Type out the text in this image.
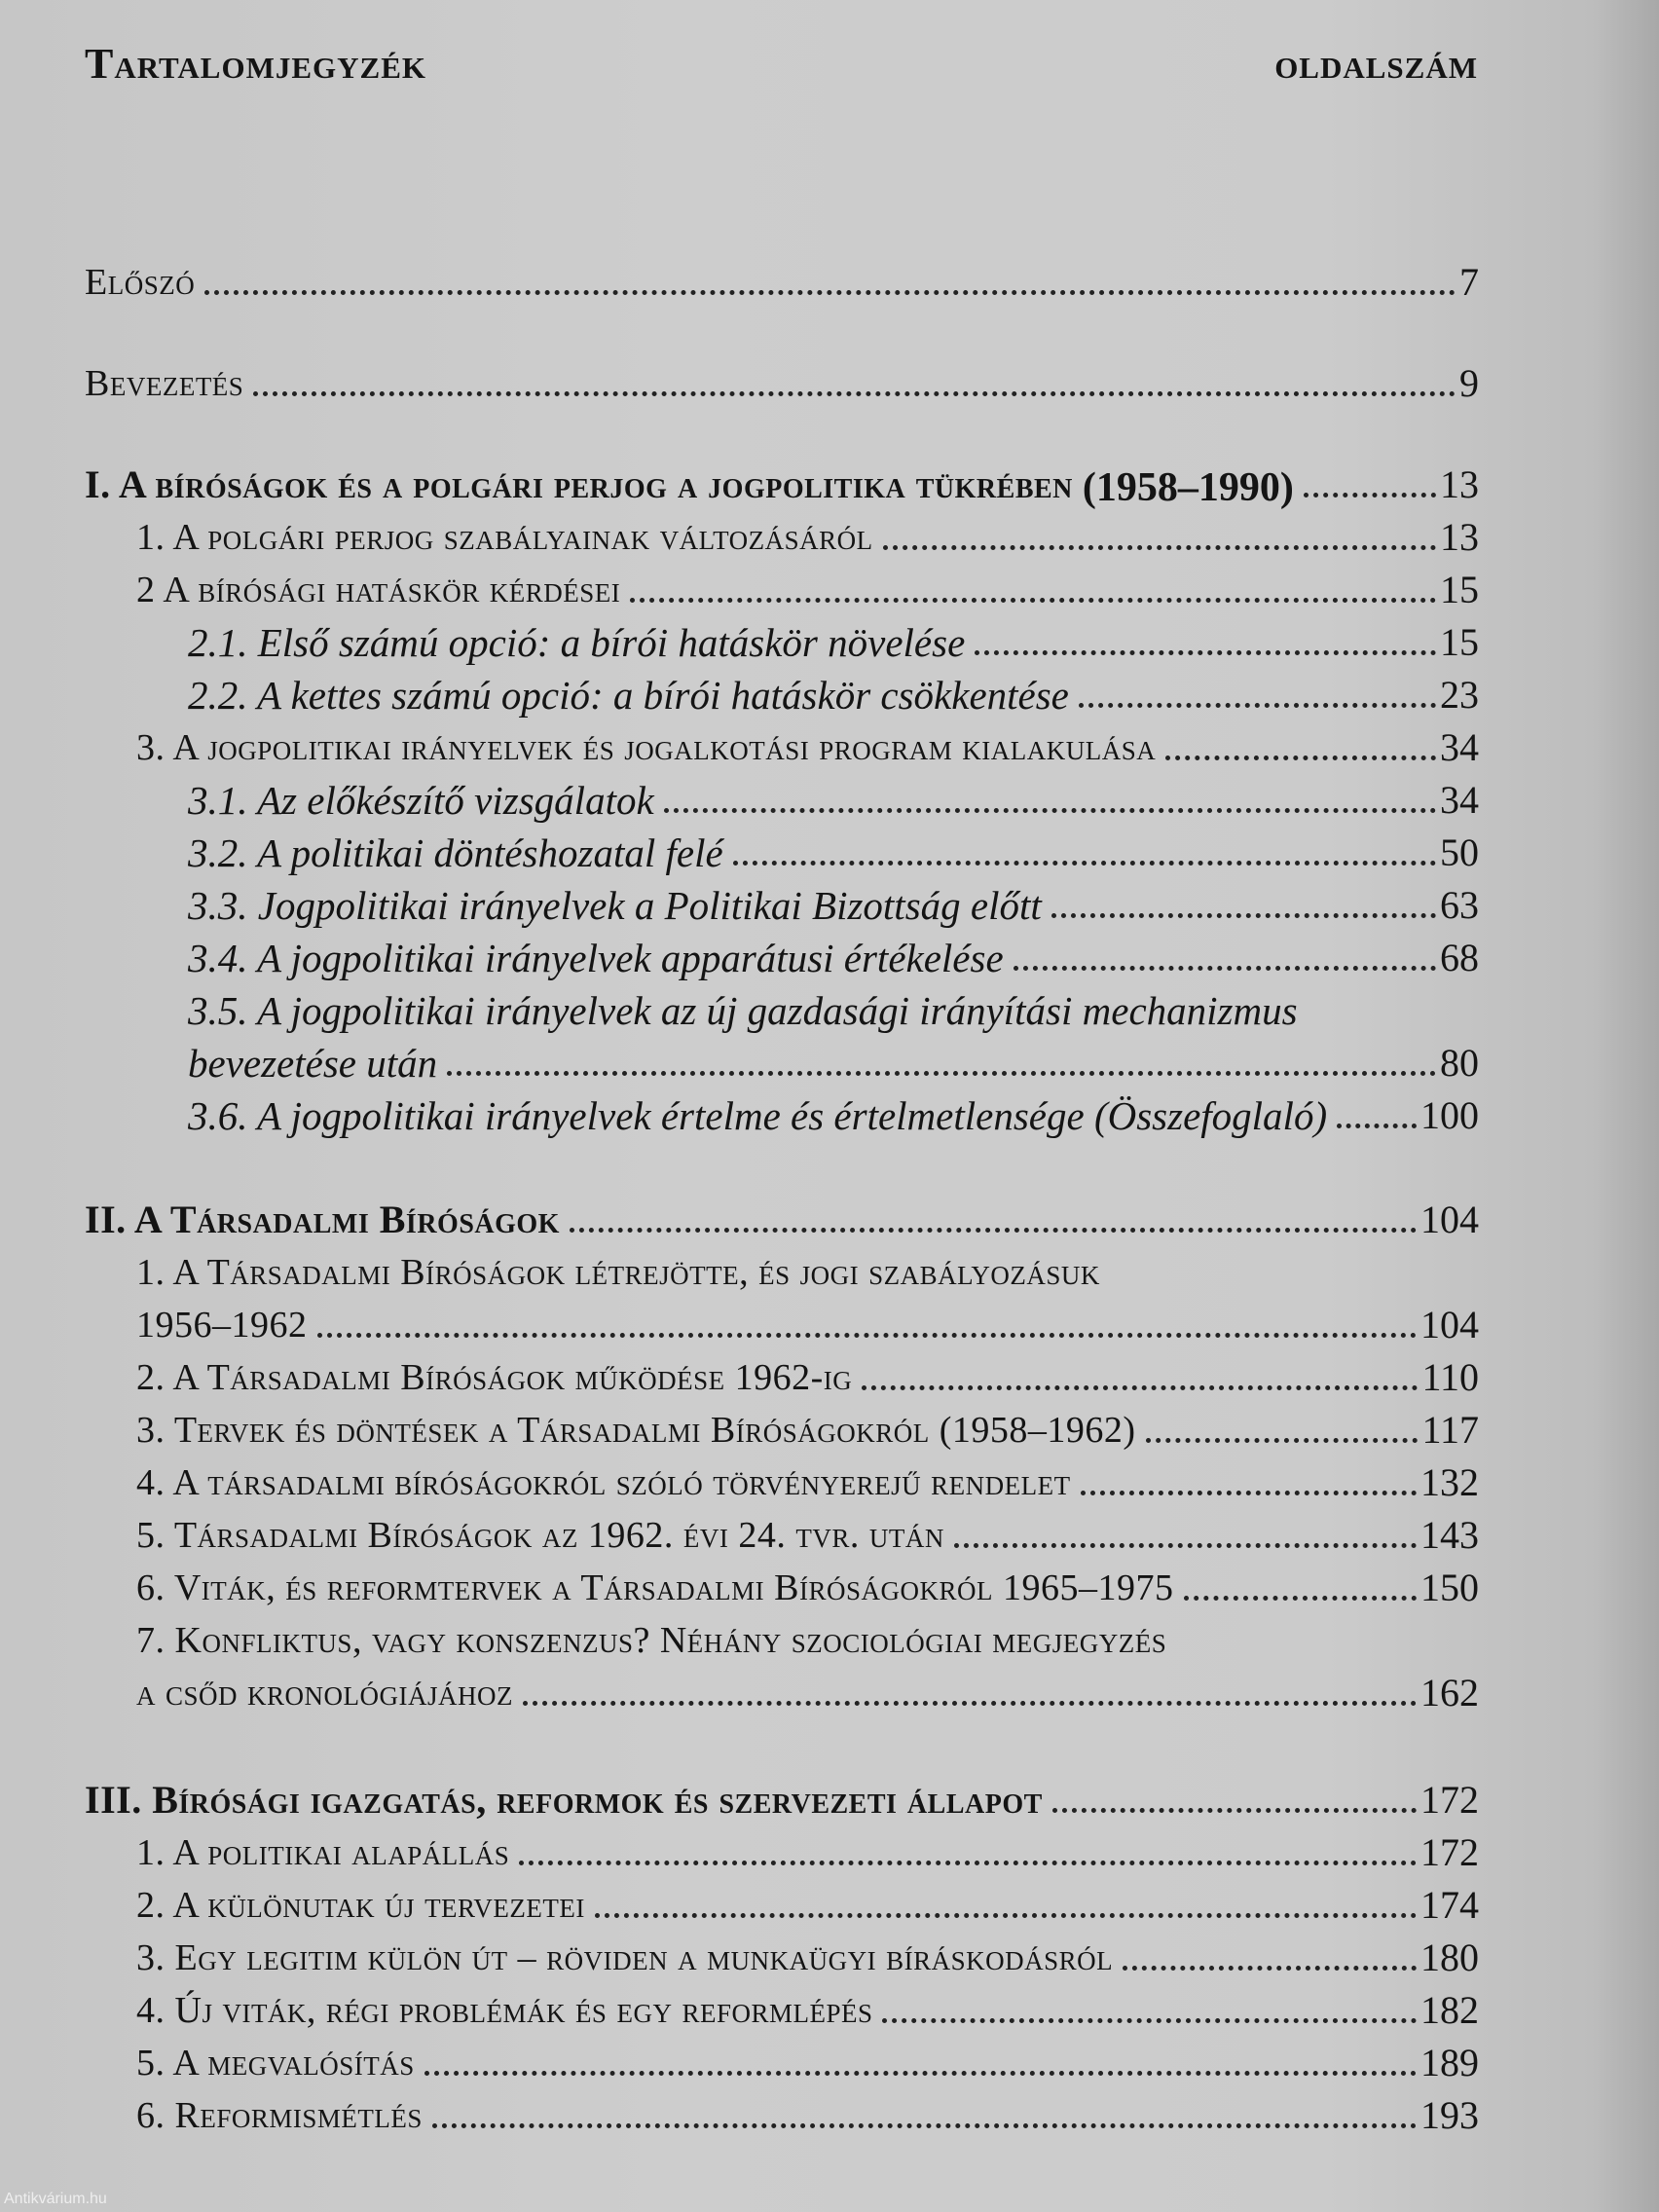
Tartalomjegyzék	oldalszám
Előszó	7
Bevezetés	9
I. A bíróságok és a polgári perjog a jogpolitika tükrében (1958–1990)	13
1. A polgári perjog szabályainak változásáról	13
2 A bírósági hatáskör kérdései	15
2.1. Első számú opció: a bírói hatáskör növelése	15
2.2. A kettes számú opció: a bírói hatáskör csökkentése	23
3. A jogpolitikai irányelvek és jogalkotási program kialakulása	34
3.1. Az előkészítő vizsgálatok	34
3.2. A politikai döntéshozatal felé	50
3.3. Jogpolitikai irányelvek a Politikai Bizottság előtt	63
3.4. A jogpolitikai irányelvek apparátusi értékelése	68
3.5. A jogpolitikai irányelvek az új gazdasági irányítási mechanizmus
bevezetése után	80
3.6. A jogpolitikai irányelvek értelme és értelmetlensége (Összefoglaló) 100
II. A Társadalmi Bíróságok	104
1. A Társadalmi Bíróságok létrejötte, és jogi szabályozásuk
1956–1962	104
2. A Társadalmi Bíróságok működése 1962-ig	110
3. Tervek és döntések a Társadalmi Bíróságokról (1958–1962)	117
4. A társadalmi bíróságokról szóló törvényerejű rendelet	132
5. Társadalmi Bíróságok az 1962. évi 24. tvr. után	143
6. Viták, és reformtervek a Társadalmi Bíróságokról 1965–1975	150
7. Konfliktus, vagy konszenzus? Néhány szociológiai megjegyzés
a csőd kronológiájához	162
III. Bírósági igazgatás, reformok és szervezeti állapot	172
1. A politikai alapállás	172
2. A különutak új tervezetei	174
3. Egy legitim külön út – röviden a munkaügyi bíráskodásról	180
4. Új viták, régi problémák és egy reformlépés	182
5. A megvalósítás	189
6. Reformismétlés	193
Antikvárium.hu
